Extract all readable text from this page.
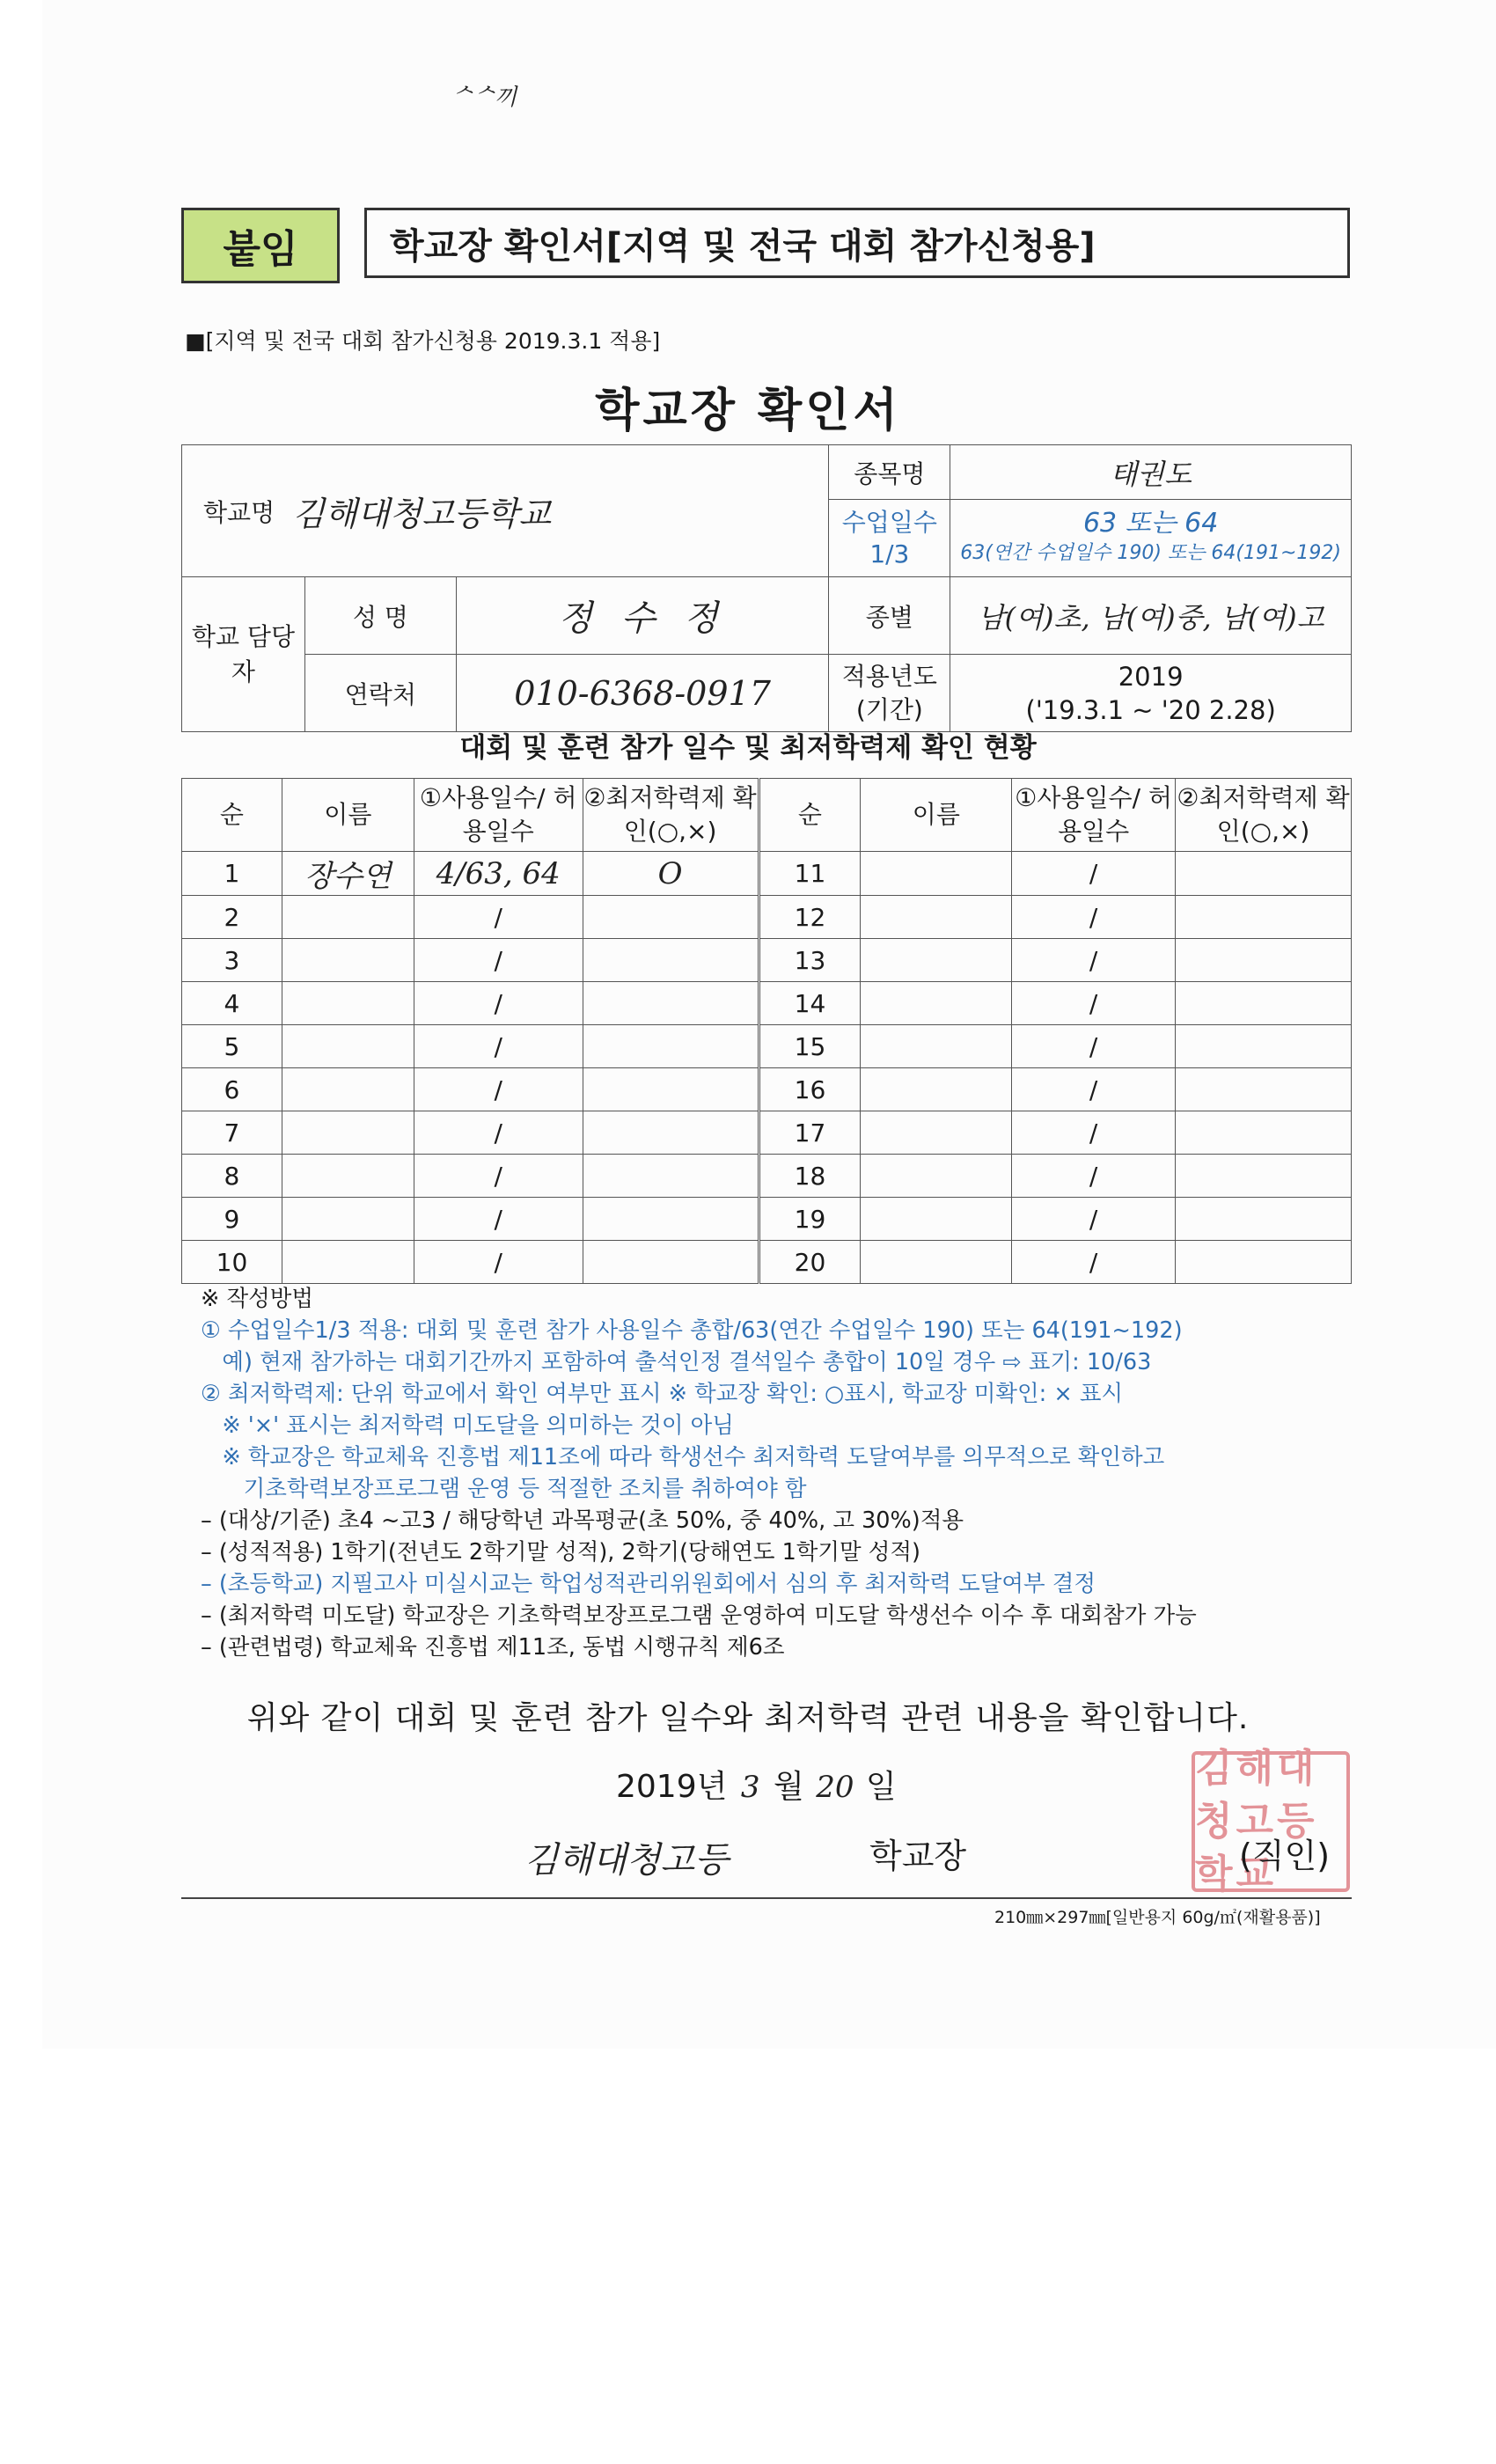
ᄉᄉ끼
붙임	학교장 확인서[지역 및 전국 대회 참가신청용]
■[지역 및 전국 대회 참가신청용 2019.3.1 적용]
학교장 확인서
학교명	김해대청고등학교		종목명	태권도
			수업일수 1/3	63 또는 64
63(연간 수업일수 190) 또는 64(191~192)

학교 담당자	성 명	정 수 정	종별	남(여)초, 남(여)중, 남(여)고
	연락처	010-6368-0917	적용년도 (기간)	2019
('19.3.1 ~ '20 2.28)
대회 및 훈련 참가 일수 및 최저학력제 확인 현황
순	이름	①사용일수/ 허용일수	②최저학력제 확인(○,×)	순	이름	①사용일수/ 허용일수	②최저학력제 확인(○,×)
1	장수연	4/63, 64	O	11		/	
2		/		12		/	
3		/		13		/	
4		/		14		/	
5		/		15		/	
6		/		16		/	
7		/		17		/	
8		/		18		/	
9		/		19		/	
10		/		20		/	
※ 작성방법
① 수업일수1/3 적용: 대회 및 훈련 참가 사용일수 총합/63(연간 수업일수 190) 또는 64(191~192)
예) 현재 참가하는 대회기간까지 포함하여 출석인정 결석일수 총합이 10일 경우 ⇨ 표기: 10/63
② 최저학력제: 단위 학교에서 확인 여부만 표시 ※ 학교장 확인: ○표시, 학교장 미확인: × 표시
※ '×' 표시는 최저학력 미도달을 의미하는 것이 아님
※ 학교장은 학교체육 진흥법 제11조에 따라 학생선수 최저학력 도달여부를 의무적으로 확인하고
기초학력보장프로그램 운영 등 적절한 조치를 취하여야 함
– (대상/기준) 초4 ~고3 / 해당학년 과목평균(초 50%, 중 40%, 고 30%)적용
– (성적적용) 1학기(전년도 2학기말 성적), 2학기(당해연도 1학기말 성적)
– (초등학교) 지필고사 미실시교는 학업성적관리위원회에서 심의 후 최저학력 도달여부 결정
– (최저학력 미도달) 학교장은 기초학력보장프로그램 운영하여 미도달 학생선수 이수 후 대회참가 가능
– (관련법령) 학교체육 진흥법 제11조, 동법 시행규칙 제6조
위와 같이 대회 및 훈련 참가 일수와 최저학력 관련 내용을 확인합니다.
2019년 3 월 20 일
김해대청고등	학교장
김해대청고등학교
(직인)
210㎜×297㎜[일반용지 60g/㎡(재활용품)]
